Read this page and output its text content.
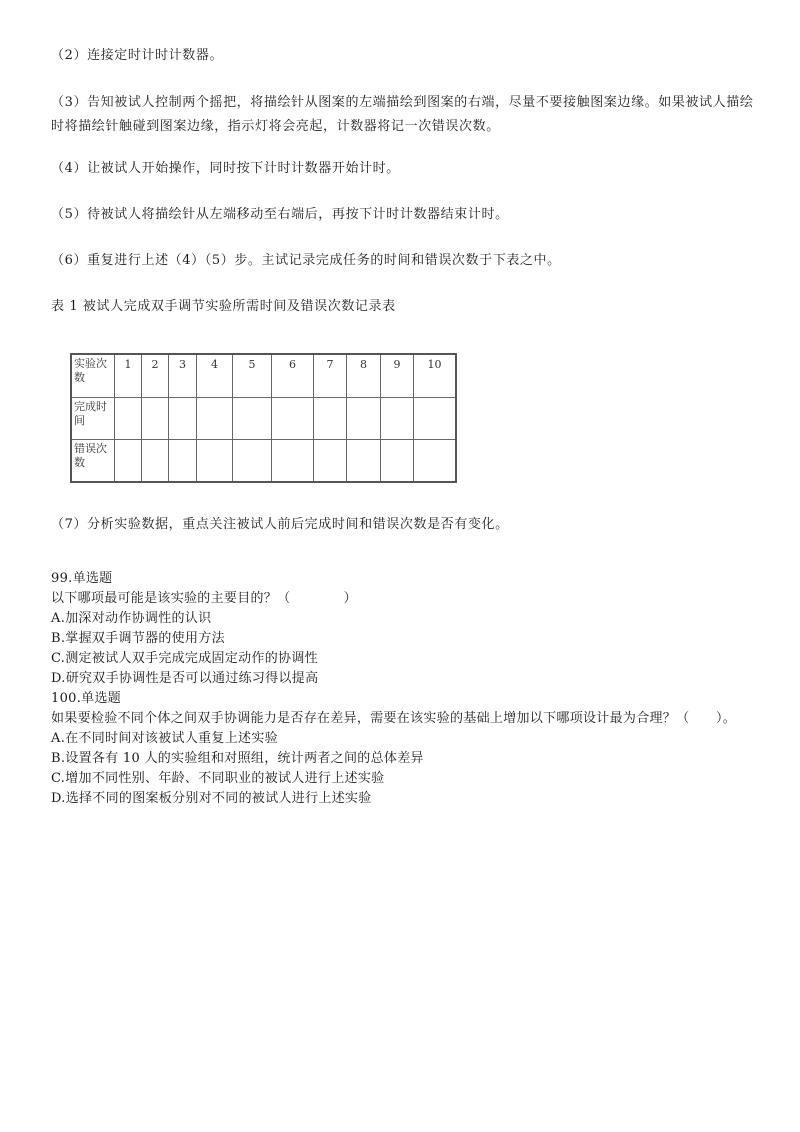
（2）连接定时计时计数器。
（3）告知被试人控制两个摇把，将描绘针从图案的左端描绘到图案的右端，尽量不要接触图案边缘。如果被试人描绘时将描绘针触碰到图案边缘，指示灯将会亮起，计数器将记一次错误次数。
（4）让被试人开始操作，同时按下计时计数器开始计时。
（5）待被试人将描绘针从左端移动至右端后，再按下计时计数器结束计时。
（6）重复进行上述（4）（5）步。主试记录完成任务的时间和错误次数于下表之中。
表 1 被试人完成双手调节实验所需时间及错误次数记录表
实验次数	1	2	3	4	5	6	7	8	9	10
完成时间										
错误次数										
（7）分析实验数据，重点关注被试人前后完成时间和错误次数是否有变化。
99.单选题
以下哪项最可能是该实验的主要目的？（　　　　）
A.加深对动作协调性的认识
B.掌握双手调节器的使用方法
C.测定被试人双手完成完成固定动作的协调性
D.研究双手协调性是否可以通过练习得以提高
100.单选题
如果要检验不同个体之间双手协调能力是否存在差异，需要在该实验的基础上增加以下哪项设计最为合理？（　　）。
A.在不同时间对该被试人重复上述实验
B.设置各有 10 人的实验组和对照组，统计两者之间的总体差异
C.增加不同性别、年龄、不同职业的被试人进行上述实验
D.选择不同的图案板分别对不同的被试人进行上述实验
